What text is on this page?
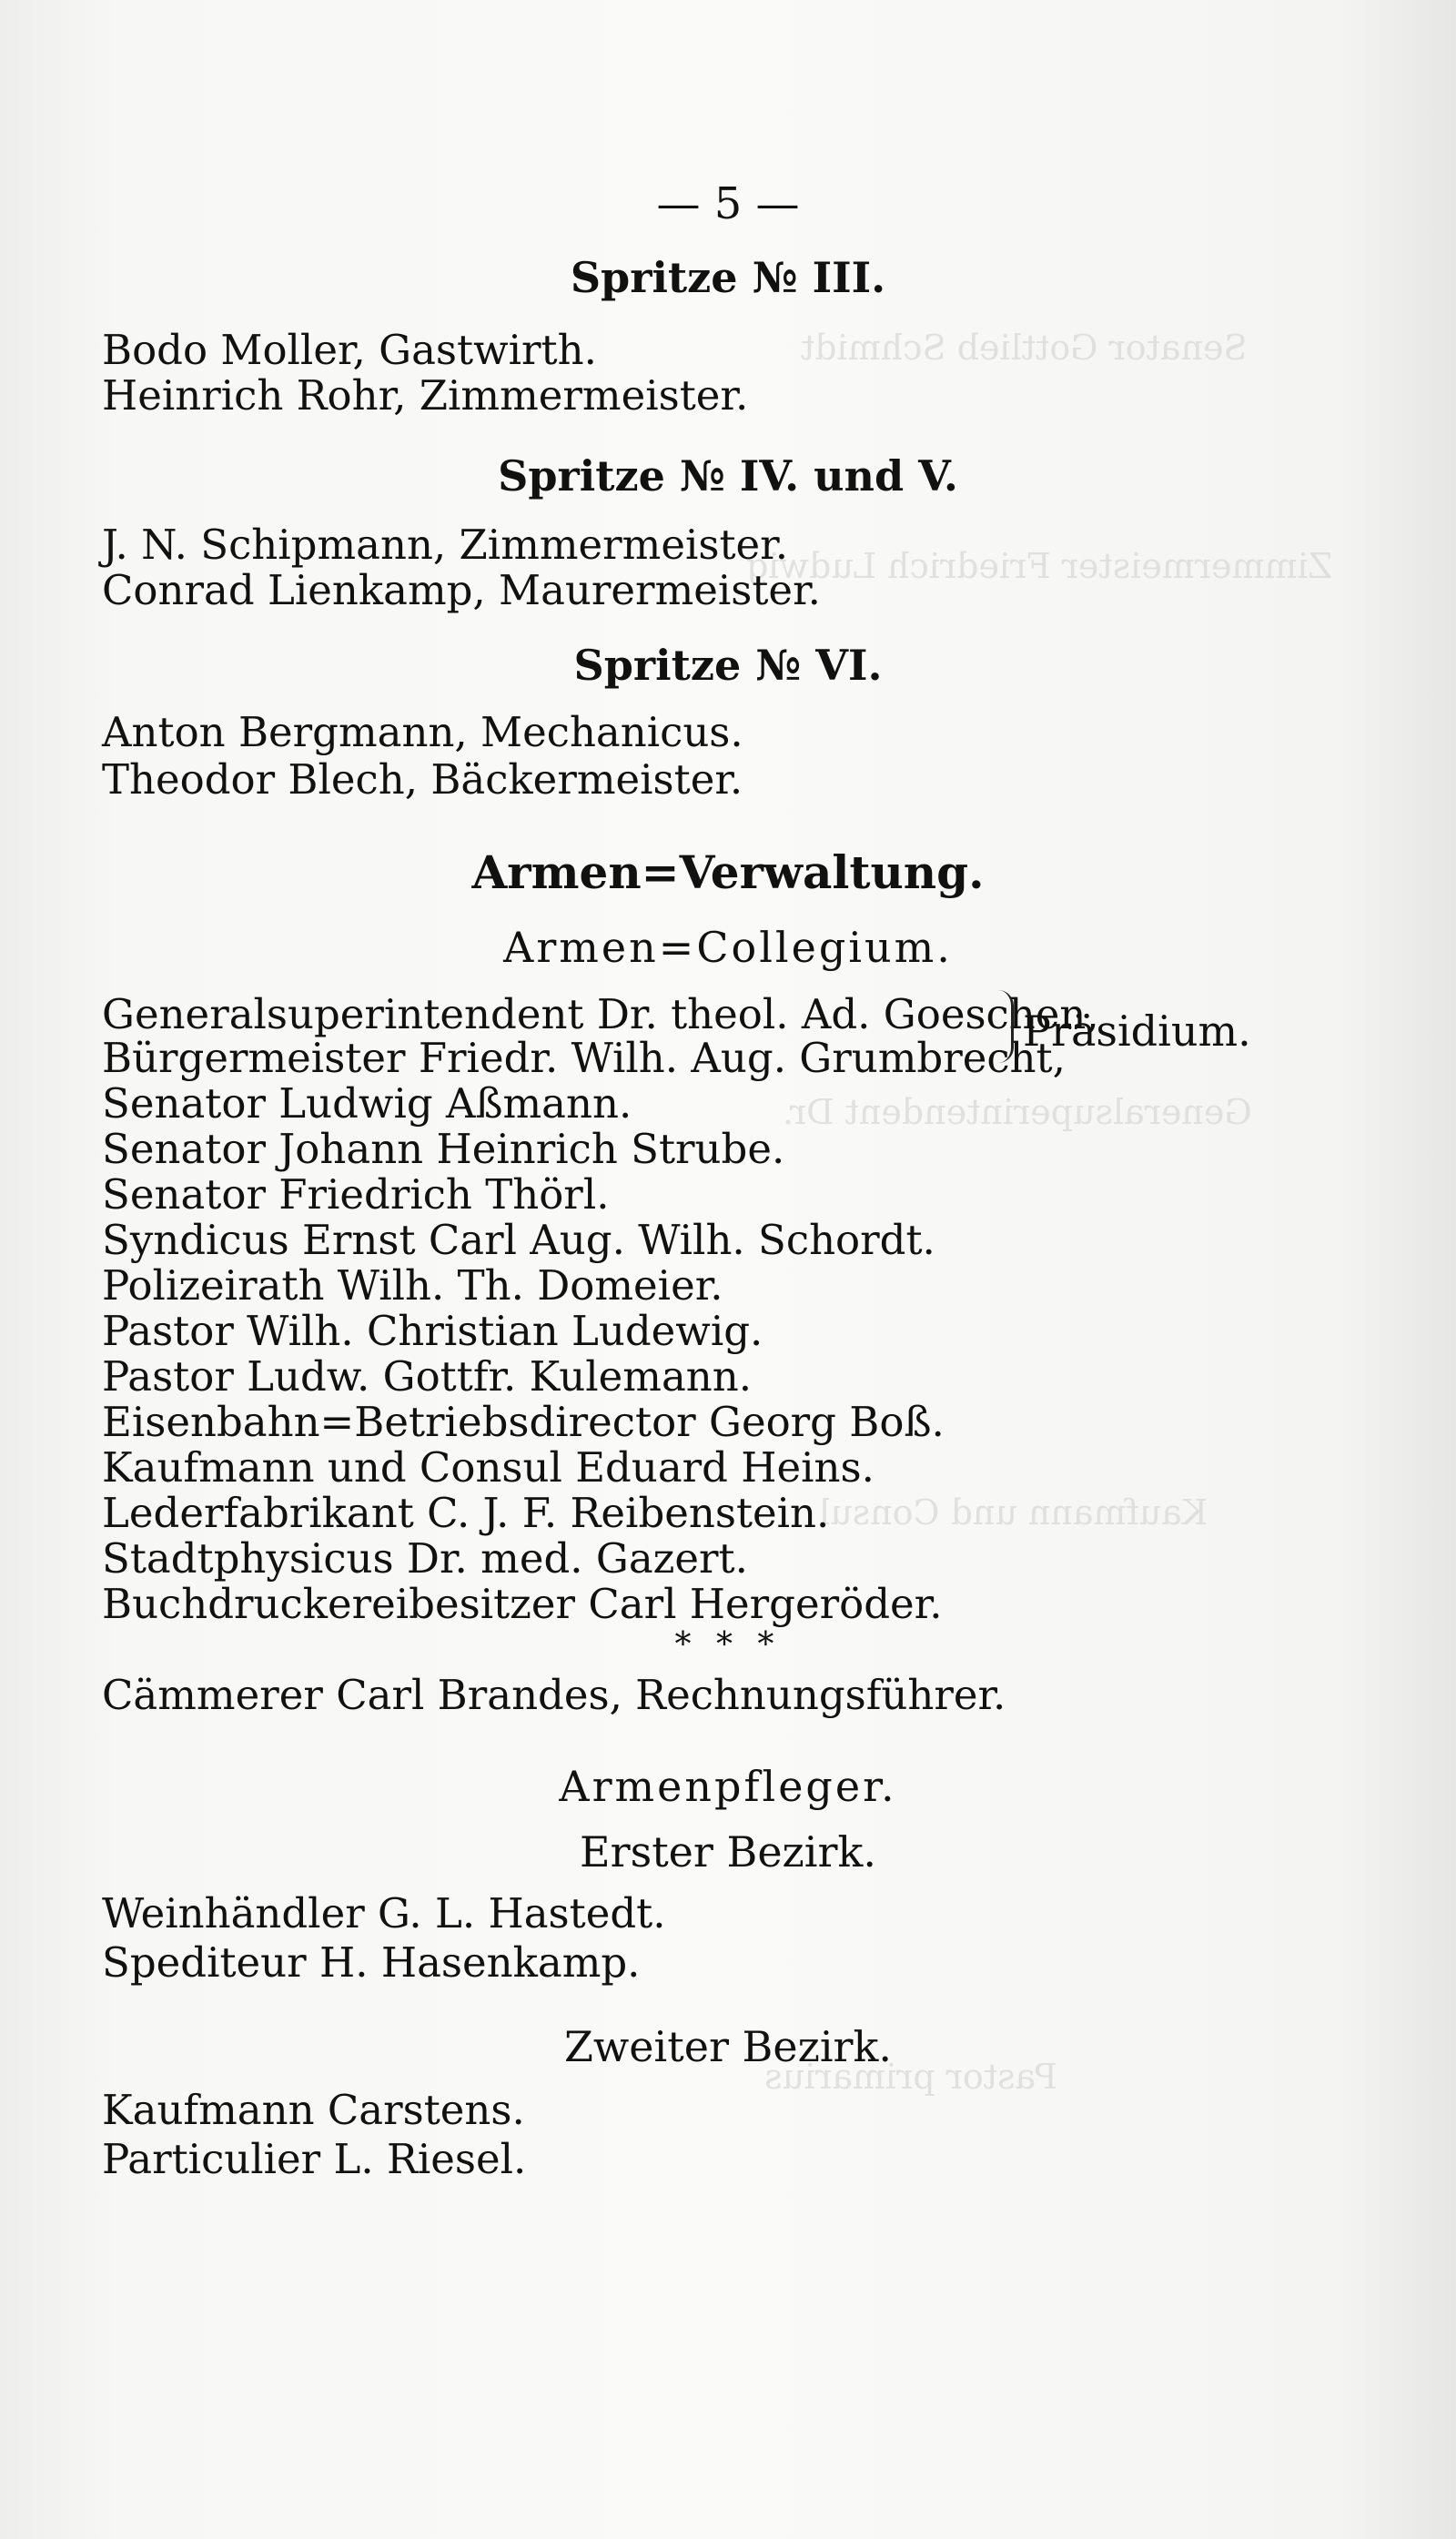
Senator Gottlieb Schmidt
Zimmermeister Friedrich Ludwig
Generalsuperintendent Dr.
Kaufmann und Consul
Pastor primarius
— 5 —
Spritze № III.
Bodo Moller, Gastwirth.
Heinrich Rohr, Zimmermeister.
Spritze № IV. und V.
J. N. Schipmann, Zimmermeister.
Conrad Lienkamp, Maurermeister.
Spritze № VI.
Anton Bergmann, Mechanicus.
Theodor Blech, Bäckermeister.
Armen=Verwaltung.
Armen=Collegium.
Generalsuperintendent Dr. theol. Ad. Goeschen,
Bürgermeister Friedr. Wilh. Aug. Grumbrecht,
Präsidium.
Senator Ludwig Aßmann.
Senator Johann Heinrich Strube.
Senator Friedrich Thörl.
Syndicus Ernst Carl Aug. Wilh. Schordt.
Polizeirath Wilh. Th. Domeier.
Pastor Wilh. Christian Ludewig.
Pastor Ludw. Gottfr. Kulemann.
Eisenbahn=Betriebsdirector Georg Boß.
Kaufmann und Consul Eduard Heins.
Lederfabrikant C. J. F. Reibenstein.
Stadtphysicus Dr. med. Gazert.
Buchdruckereibesitzer Carl Hergeröder.
* * *
Cämmerer Carl Brandes, Rechnungsführer.
Armenpfleger.
Erster Bezirk.
Weinhändler G. L. Hastedt.
Spediteur H. Hasenkamp.
Zweiter Bezirk.
Kaufmann Carstens.
Particulier L. Riesel.
